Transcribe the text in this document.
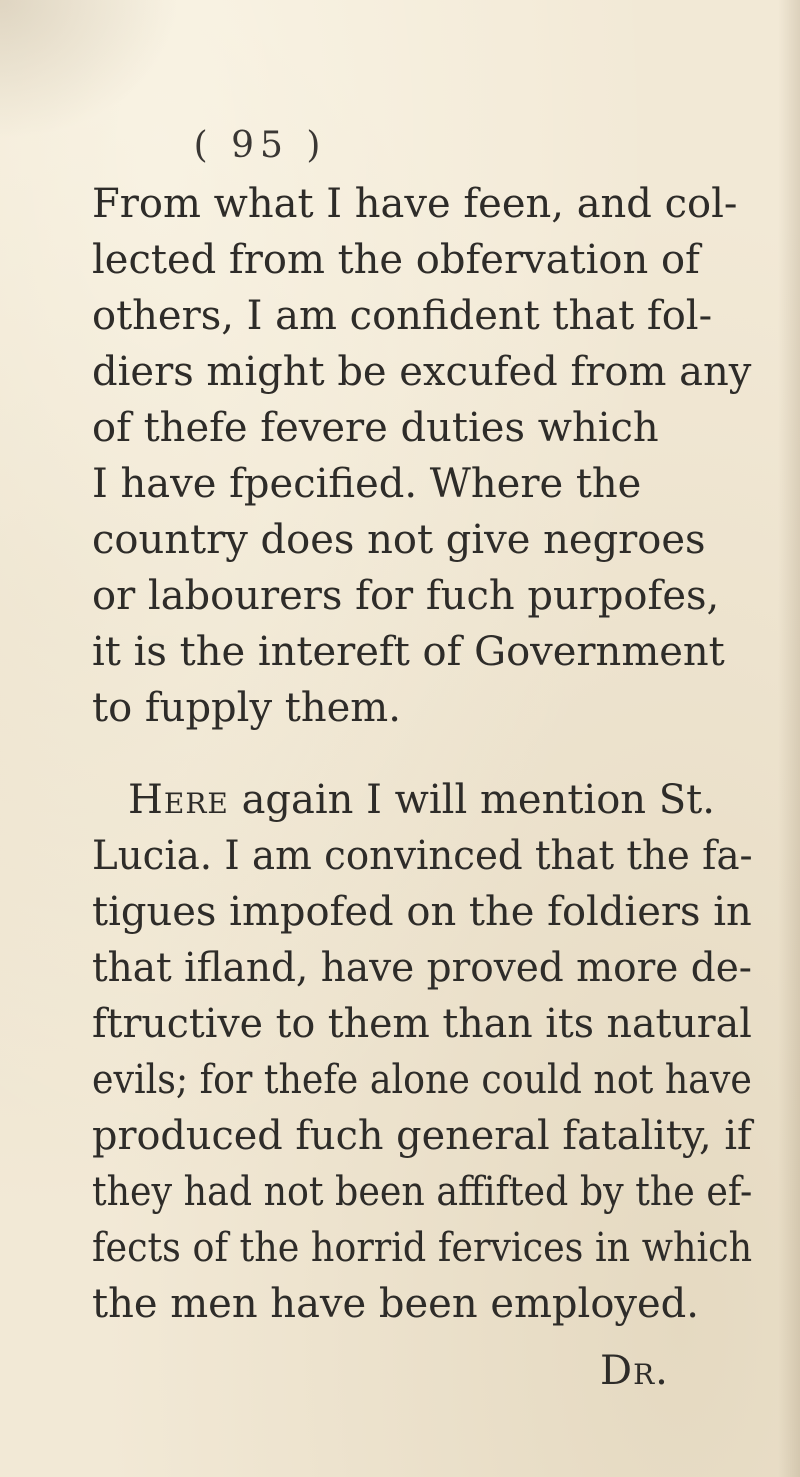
( 95 )
From what I have feen, and col-
lected from the obfervation of
others, I am confident that fol-
diers might be excufed from any
of thefe fevere duties which
I have fpecified. Where the
country does not give negroes
or labourers for fuch purpofes,
it is the intereft of Government
to fupply them.
Here again I will mention St.
Lucia. I am convinced that the fa-
tigues impofed on the foldiers in
that ifland, have proved more de-
ftructive to them than its natural
evils; for thefe alone could not have
produced fuch general fatality, if
they had not been affifted by the ef-
fects of the horrid fervices in which
the men have been employed.
Dr.
